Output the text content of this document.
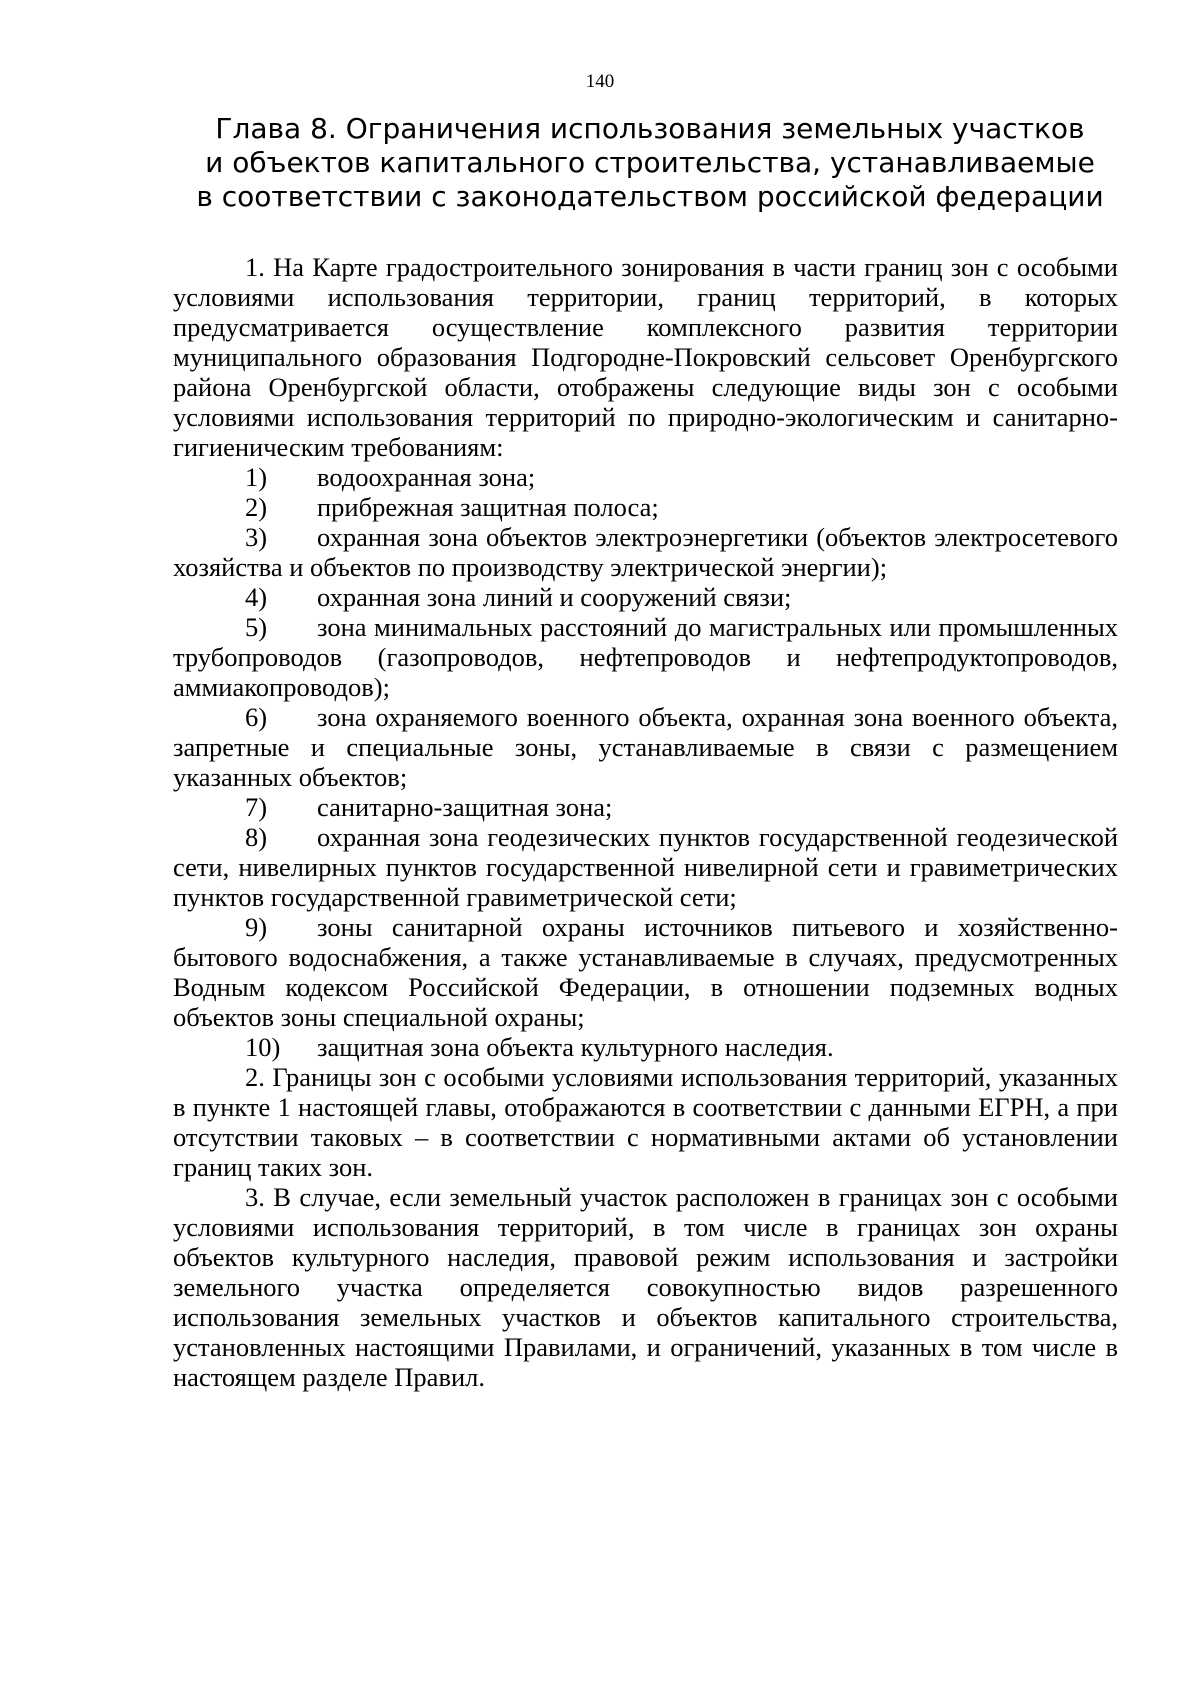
140
Глава 8. Ограничения использования земельных участков
и объектов капитального строительства, устанавливаемые
в соответствии с законодательством российской федерации

1. На Карте градостроительного зонирования в части границ зон с особыми условиями использования территории, границ территорий, в которых предусматривается осуществление комплексного развития территории муниципального образования Подгородне-Покровский сельсовет Оренбургского района Оренбургской области, отображены следующие виды зон с особыми условиями использования территорий по природно-экологическим и санитарно-гигиеническим требованиям:

1) водоохранная зона;

2) прибрежная защитная полоса;

3) охранная зона объектов электроэнергетики (объектов электросетевого хозяйства и объектов по производству электрической энергии);

4) охранная зона линий и сооружений связи;

5) зона минимальных расстояний до магистральных или промышленных трубопроводов (газопроводов, нефтепроводов и нефтепродуктопроводов, аммиакопроводов);

6) зона охраняемого военного объекта, охранная зона военного объекта, запретные и специальные зоны, устанавливаемые в связи с размещением указанных объектов;

7) санитарно-защитная зона;

8) охранная зона геодезических пунктов государственной геодезической сети, нивелирных пунктов государственной нивелирной сети и гравиметрических пунктов государственной гравиметрической сети;

9) зоны санитарной охраны источников питьевого и хозяйственно-бытового водоснабжения, а также устанавливаемые в случаях, предусмотренных Водным кодексом Российской Федерации, в отношении подземных водных объектов зоны специальной охраны;

10) защитная зона объекта культурного наследия.

2. Границы зон с особыми условиями использования территорий, указанных в пункте 1 настоящей главы, отображаются в соответствии с данными ЕГРН, а при отсутствии таковых – в соответствии с нормативными актами об установлении границ таких зон.

3. В случае, если земельный участок расположен в границах зон с особыми условиями использования территорий, в том числе в границах зон охраны объектов культурного наследия, правовой режим использования и застройки земельного участка определяется совокупностью видов разрешенного использования земельных участков и объектов капитального строительства, установленных настоящими Правилами, и ограничений, указанных в том числе в настоящем разделе Правил.
